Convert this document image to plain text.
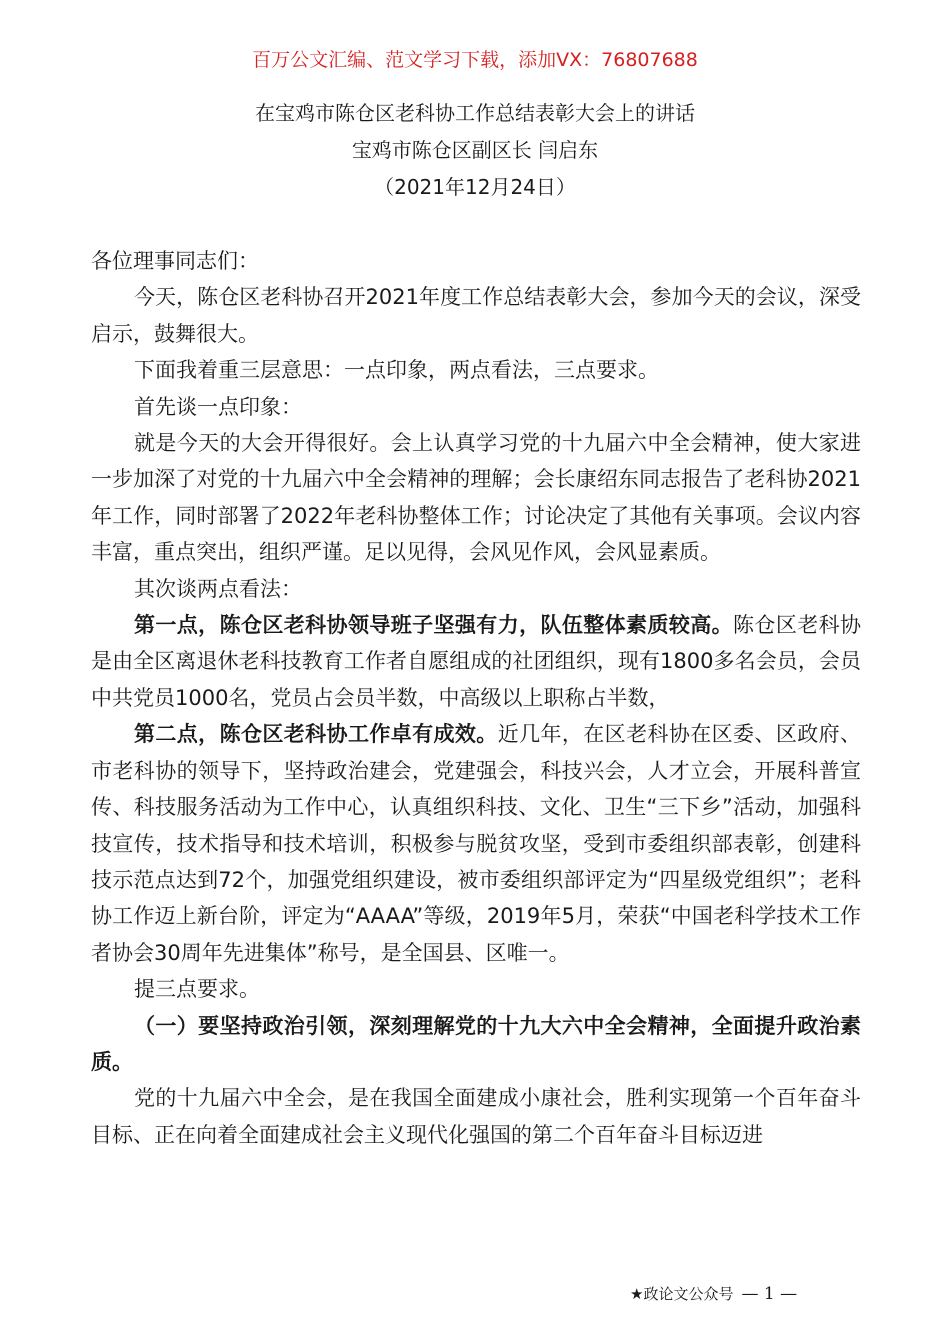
百万公文汇编、范文学习下载，添加VX：76807688
在宝鸡市陈仓区老科协工作总结表彰大会上的讲话
宝鸡市陈仓区副区长 闫启东
（2021年12月24日）

各位理事同志们：

今天，陈仓区老科协召开2021年度工作总结表彰大会，参加今天的会议，深受启示，鼓舞很大。

下面我着重三层意思：一点印象，两点看法，三点要求。

首先谈一点印象：

就是今天的大会开得很好。会上认真学习党的十九届六中全会精神，使大家进一步加深了对党的十九届六中全会精神的理解；会长康绍东同志报告了老科协2021年工作，同时部署了2022年老科协整体工作；讨论决定了其他有关事项。会议内容丰富，重点突出，组织严谨。足以见得，会风见作风，会风显素质。

其次谈两点看法：

第一点，陈仓区老科协领导班子坚强有力，队伍整体素质较高。陈仓区老科协是由全区离退休老科技教育工作者自愿组成的社团组织，现有1800多名会员，会员中共党员1000名，党员占会员半数，中高级以上职称占半数，

第二点，陈仓区老科协工作卓有成效。近几年，在区老科协在区委、区政府、市老科协的领导下，坚持政治建会，党建强会，科技兴会，人才立会，开展科普宣传、科技服务活动为工作中心，认真组织科技、文化、卫生“三下乡”活动，加强科技宣传，技术指导和技术培训，积极参与脱贫攻坚，受到市委组织部表彰，创建科技示范点达到72个，加强党组织建设，被市委组织部评定为“四星级党组织”；老科协工作迈上新台阶，评定为“AAAA”等级，2019年5月，荣获“中国老科学技术工作者协会30周年先进集体”称号，是全国县、区唯一。

提三点要求。

（一）要坚持政治引领，深刻理解党的十九大六中全会精神，全面提升政治素质。

党的十九届六中全会，是在我国全面建成小康社会，胜利实现第一个百年奋斗目标、正在向着全面建成社会主义现代化强国的第二个百年奋斗目标迈进

★政论文公众号 — 1 —
